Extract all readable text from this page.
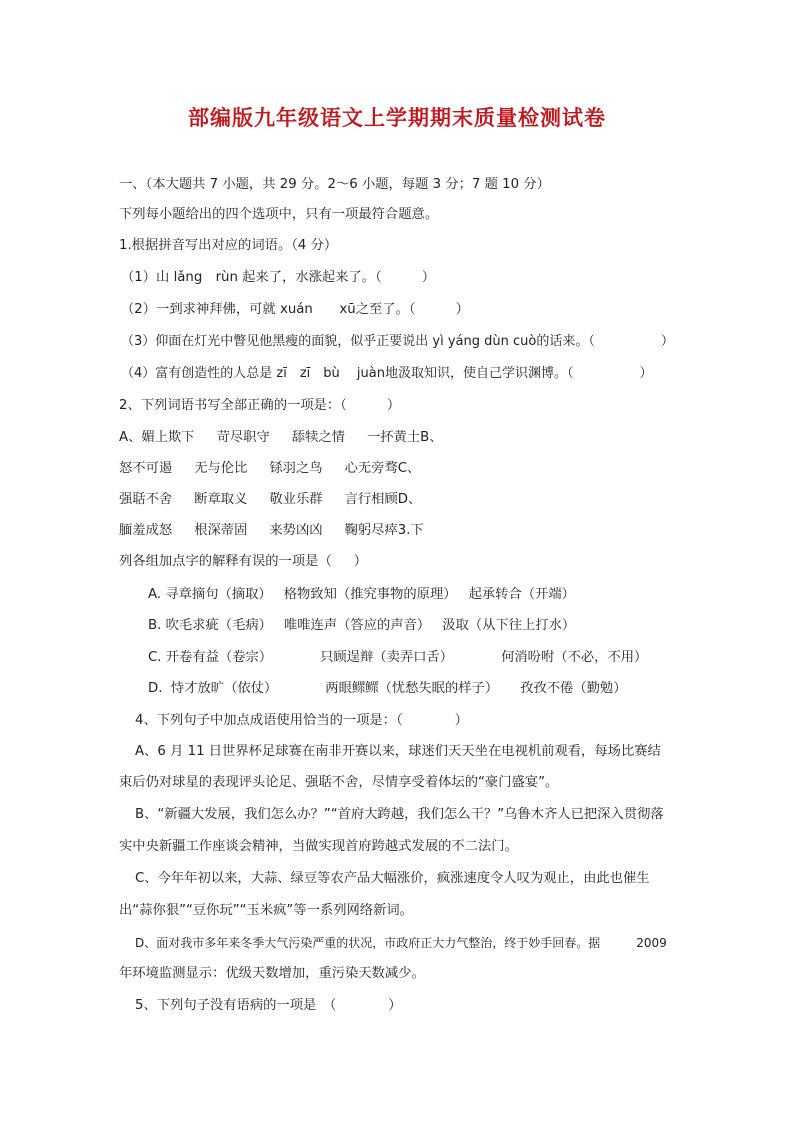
部编版九年级语文上学期期末质量检测试卷
一、（本大题共 7 小题，共 29 分。2～6 小题，每题 3 分；7 题 10 分）
下列每小题给出的四个选项中，只有一项最符合题意。
1.根据拼音写出对应的词语。（4 分）
（1）山 lǎng　rùn 起来了，水涨起来了。（	）
（2）一到求神拜佛，可就 xuán　　xū之至了。（	）
（3）仰面在灯光中瞥见他黑瘦的面貌，似乎正要说出 yì yáng dùn cuò的话来。（	）
（4）富有创造性的人总是 zī　zī　bù　 juàn地汲取知识，使自己学识渊博。（	）
2、下列词语书写全部正确的一项是：（	）
A、媚上欺下 苛尽职守 舔犊之情 一抔黄土B、
怒不可遏 无与伦比 铩羽之鸟 心无旁骛C、
强聒不舍 断章取义 敬业乐群 言行相顾D、
腼羞成怒 根深蒂固 来势凶凶 鞠躬尽瘁3.下
列各组加点字的解释有误的一项是（ ）
A. 寻章摘句（摘取） 格物致知（推究事物的原理） 起承转合（开端）
B. 吹毛求疵（毛病） 唯唯连声（答应的声音） 汲取（从下往上打水）
C. 开卷有益（卷宗）	只顾逞辩（卖弄口舌）	何消吩咐（不必，不用）
D.  恃才放旷（依仗）	两眼鳏鳏（忧愁失眠的样子） 孜孜不倦（勤勉）
4、下列句子中加点成语使用恰当的一项是：（	）
A、6 月 11 日世界杯足球赛在南非开赛以来，球迷们天天坐在电视机前观看，每场比赛结
束后仍对球星的表现评头论足、强聒不舍，尽情享受着体坛的“豪门盛宴”。
B、“新疆大发展，我们怎么办？”“首府大跨越，我们怎么干？”乌鲁木齐人已把深入贯彻落
实中央新疆工作座谈会精神，当做实现首府跨越式发展的不二法门。
C、今年年初以来，大蒜、绿豆等农产品大幅涨价，疯涨速度令人叹为观止，由此也催生
出“蒜你狠”“豆你玩”“玉米疯”等一系列网络新词。
D、面对我市多年来冬季大气污染严重的状况，市政府正大力气整治，终于妙手回春。据	2009
年环境监测显示：优级天数增加，重污染天数减少。
5、下列句子没有语病的一项是　（	）
